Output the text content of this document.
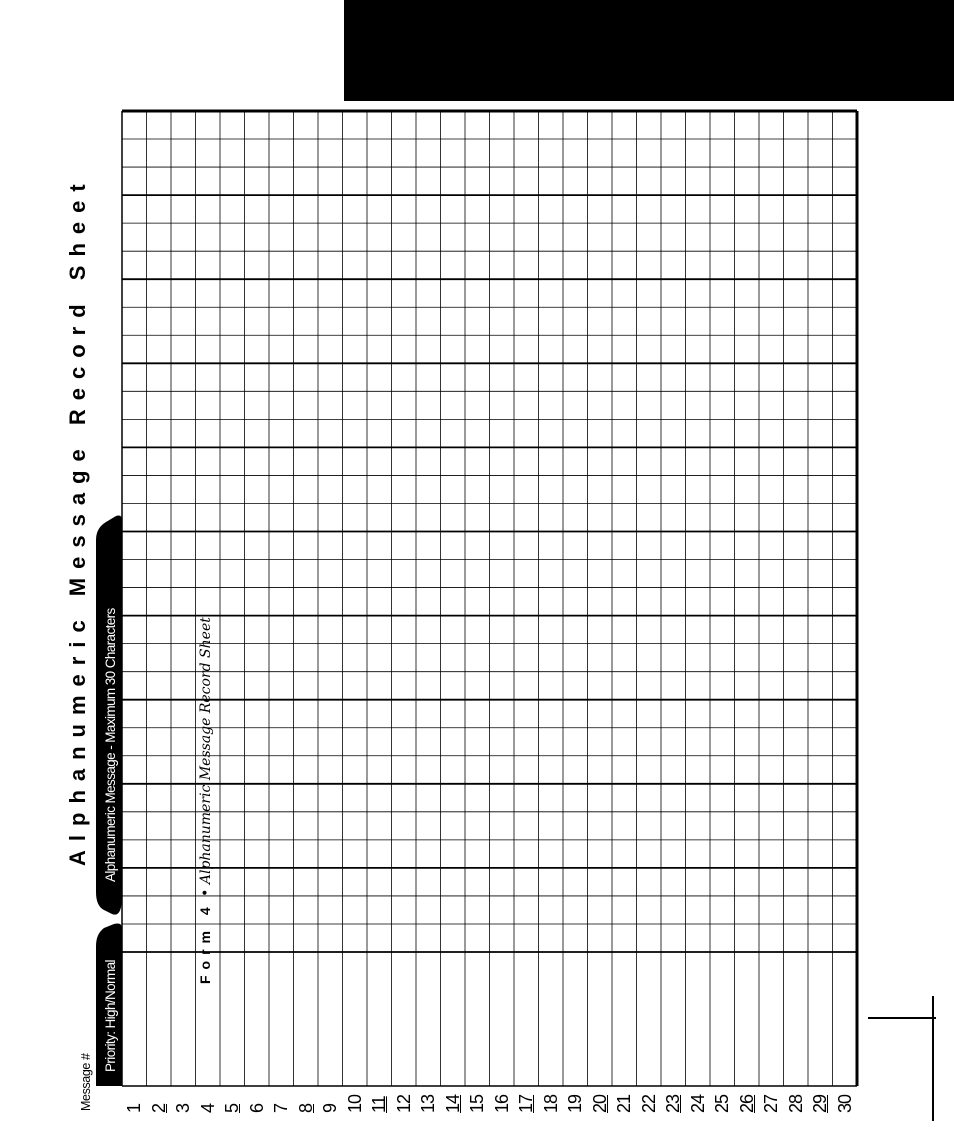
1 2 3 4 5 6 7 8 9 10 11 12 13 14 15 16 17 18 19 20 21 22 23 24 25 26 27 28 29 30
Alphanumeric Message Record Sheet Alphanumeric Message - Maximum 30 Characters
Priority: High/Normal
Message #
Form 4 • Alphanumeric Message Record Sheet
